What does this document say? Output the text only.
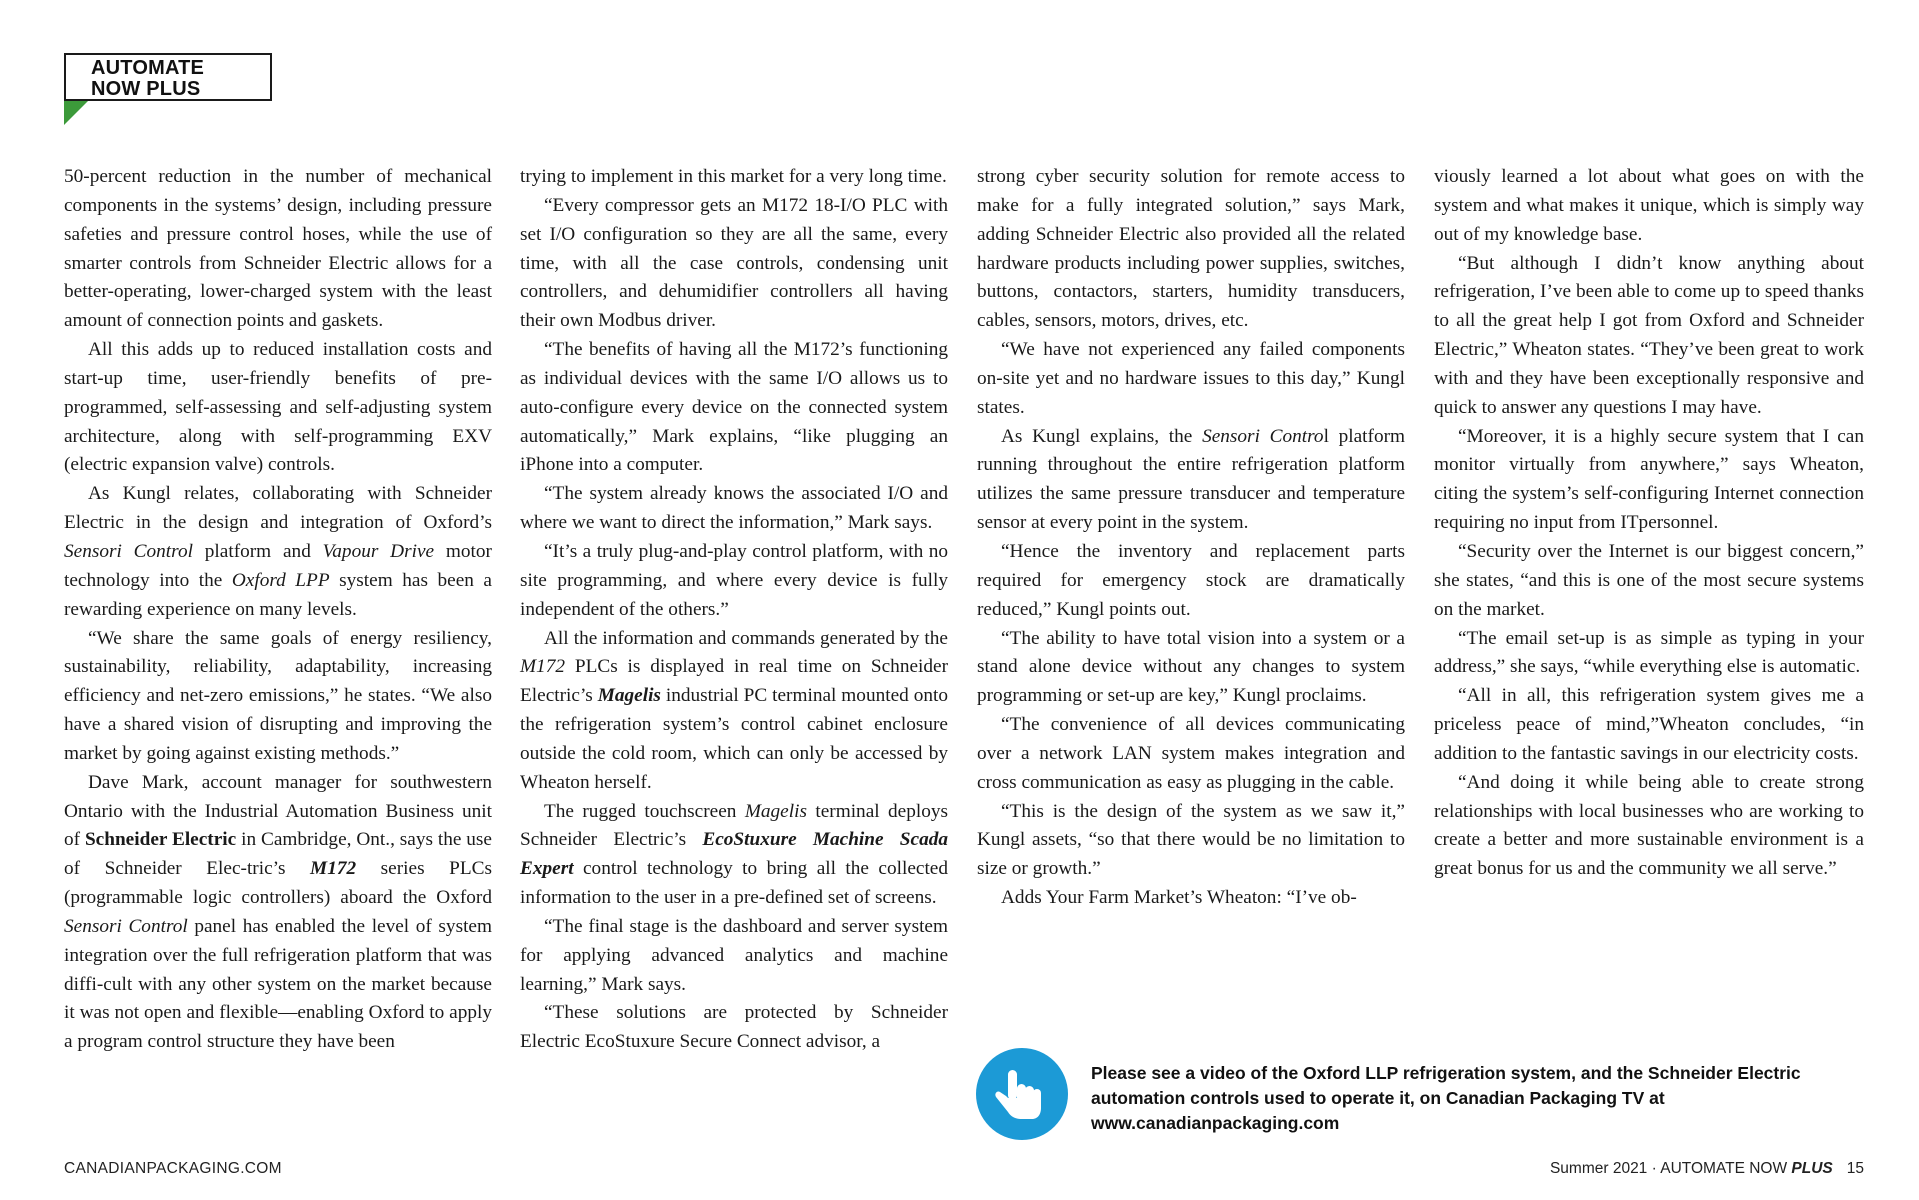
AUTOMATE
NOW PLUS

50-percent reduction in the number of mechanical components in the systems’ design, including pressure safeties and pressure control hoses, while the use of smarter controls from Schneider Electric allows for a better-operating, lower-charged system with the least amount of connection points and gaskets.

All this adds up to reduced installation costs and start-up time, user-friendly benefits of pre-programmed, self-assessing and self-adjusting system architecture, along with self-programming EXV (electric expansion valve) controls.

As Kungl relates, collaborating with Schneider Electric in the design and integration of Oxford’s Sensori Control platform and Vapour Drive motor technology into the Oxford LPP system has been a rewarding experience on many levels.

“We share the same goals of energy resiliency, sustainability, reliability, adaptability, increasing efficiency and net-zero emissions,” he states. “We also have a shared vision of disrupting and improving the market by going against existing methods.”

Dave Mark, account manager for southwestern Ontario with the Industrial Automation Business unit of Schneider Electric in Cambridge, Ont., says the use of Schneider Elec-tric’s M172 series PLCs (programmable logic controllers) aboard the Oxford Sensori Control panel has enabled the level of system integration over the full refrigeration platform that was diffi-cult with any other system on the market because it was not open and flexible—enabling Oxford to apply a program control structure they have been

trying to implement in this market for a very long time.

“Every compressor gets an M172 18-I/O PLC with set I/O configuration so they are all the same, every time, with all the case controls, condensing unit controllers, and dehumidifier controllers all having their own Modbus driver.

“The benefits of having all the M172’s functioning as individual devices with the same I/O allows us to auto-configure every device on the connected system automatically,” Mark explains, “like plugging an iPhone into a computer.

“The system already knows the associated I/O and where we want to direct the information,” Mark says.

“It’s a truly plug-and-play control platform, with no site programming, and where every device is fully independent of the others.”

All the information and commands generated by the M172 PLCs is displayed in real time on Schneider Electric’s Magelis industrial PC terminal mounted onto the refrigeration system’s control cabinet enclosure outside the cold room, which can only be accessed by Wheaton herself.

The rugged touchscreen Magelis terminal deploys Schneider Electric’s EcoStuxure Machine Scada Expert control technology to bring all the collected information to the user in a pre-defined set of screens.

“The final stage is the dashboard and server system for applying advanced analytics and machine learning,” Mark says.

“These solutions are protected by Schneider Electric EcoStuxure Secure Connect advisor, a

strong cyber security solution for remote access to make for a fully integrated solution,” says Mark, adding Schneider Electric also provided all the related hardware products including power supplies, switches, buttons, contactors, starters, humidity transducers, cables, sensors, motors, drives, etc.

“We have not experienced any failed components on-site yet and no hardware issues to this day,” Kungl states.

As Kungl explains, the Sensori Control platform running throughout the entire refrigeration platform utilizes the same pressure transducer and temperature sensor at every point in the system.

“Hence the inventory and replacement parts required for emergency stock are dramatically reduced,” Kungl points out.

“The ability to have total vision into a system or a stand alone device without any changes to system programming or set-up are key,” Kungl proclaims.

“The convenience of all devices communicating over a network LAN system makes integration and cross communication as easy as plugging in the cable.

“This is the design of the system as we saw it,” Kungl assets, “so that there would be no limitation to size or growth.”

Adds Your Farm Market’s Wheaton: “I’ve ob-

viously learned a lot about what goes on with the system and what makes it unique, which is simply way out of my knowledge base.

“But although I didn’t know anything about refrigeration, I’ve been able to come up to speed thanks to all the great help I got from Oxford and Schneider Electric,” Wheaton states. “They’ve been great to work with and they have been exceptionally responsive and quick to answer any questions I may have.

“Moreover, it is a highly secure system that I can monitor virtually from anywhere,” says Wheaton, citing the system’s self-configuring Internet connection requiring no input from ITpersonnel.

“Security over the Internet is our biggest concern,” she states, “and this is one of the most secure systems on the market.

“The email set-up is as simple as typing in your address,” she says, “while everything else is automatic.

“All in all, this refrigeration system gives me a priceless peace of mind,”Wheaton concludes, “in addition to the fantastic savings in our electricity costs.

“And doing it while being able to create strong relationships with local businesses who are working to create a better and more sustainable environment is a great bonus for us and the community we all serve.”

Please see a video of the Oxford LLP refrigeration system, and the Schneider Electric
automation controls used to operate it, on Canadian Packaging TV at
www.canadianpackaging.com
CANADIANPACKAGING.COM	Summer 2021 · AUTOMATE NOW PLUS 15
